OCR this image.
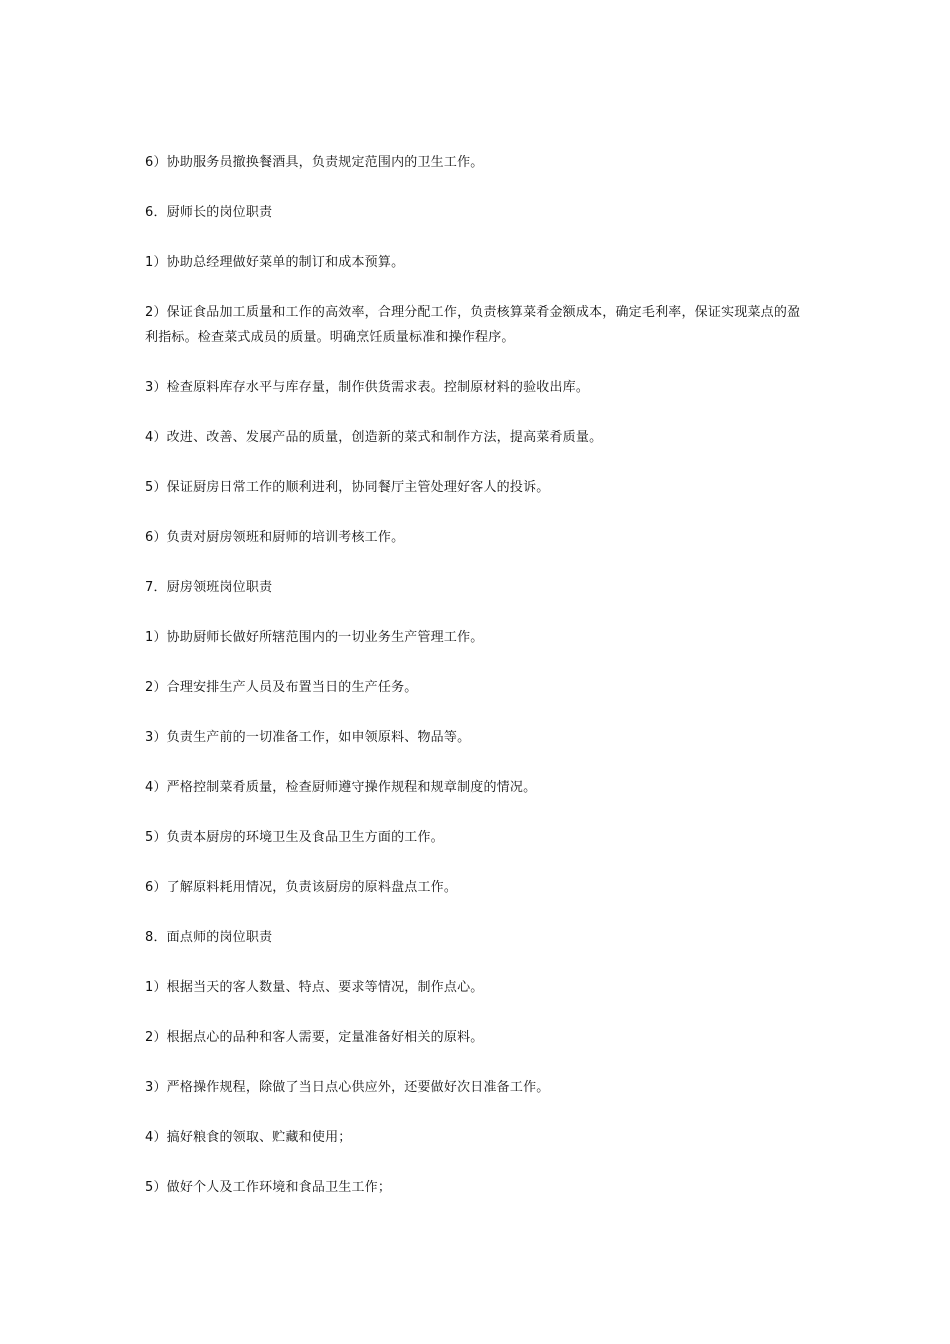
6）协助服务员撤换餐酒具，负责规定范围内的卫生工作。

6．厨师长的岗位职责

1）协助总经理做好菜单的制订和成本预算。

2）保证食品加工质量和工作的高效率，合理分配工作，负责核算菜肴金额成本，确定毛利率，保证实现菜点的盈利指标。检查菜式成员的质量。明确烹饪质量标准和操作程序。

3）检查原料库存水平与库存量，制作供货需求表。控制原材料的验收出库。

4）改进、改善、发展产品的质量，创造新的菜式和制作方法，提高菜肴质量。

5）保证厨房日常工作的顺利进利，协同餐厅主管处理好客人的投诉。

6）负责对厨房领班和厨师的培训考核工作。

7．厨房领班岗位职责

1）协助厨师长做好所辖范围内的一切业务生产管理工作。

2）合理安排生产人员及布置当日的生产任务。

3）负责生产前的一切准备工作，如申领原料、物品等。

4）严格控制菜肴质量，检查厨师遵守操作规程和规章制度的情况。

5）负责本厨房的环境卫生及食品卫生方面的工作。

6）了解原料耗用情况，负责该厨房的原料盘点工作。

8．面点师的岗位职责

1）根据当天的客人数量、特点、要求等情况，制作点心。

2）根据点心的品种和客人需要，定量准备好相关的原料。

3）严格操作规程，除做了当日点心供应外，还要做好次日准备工作。

4）搞好粮食的领取、贮藏和使用；

5）做好个人及工作环境和食品卫生工作；
